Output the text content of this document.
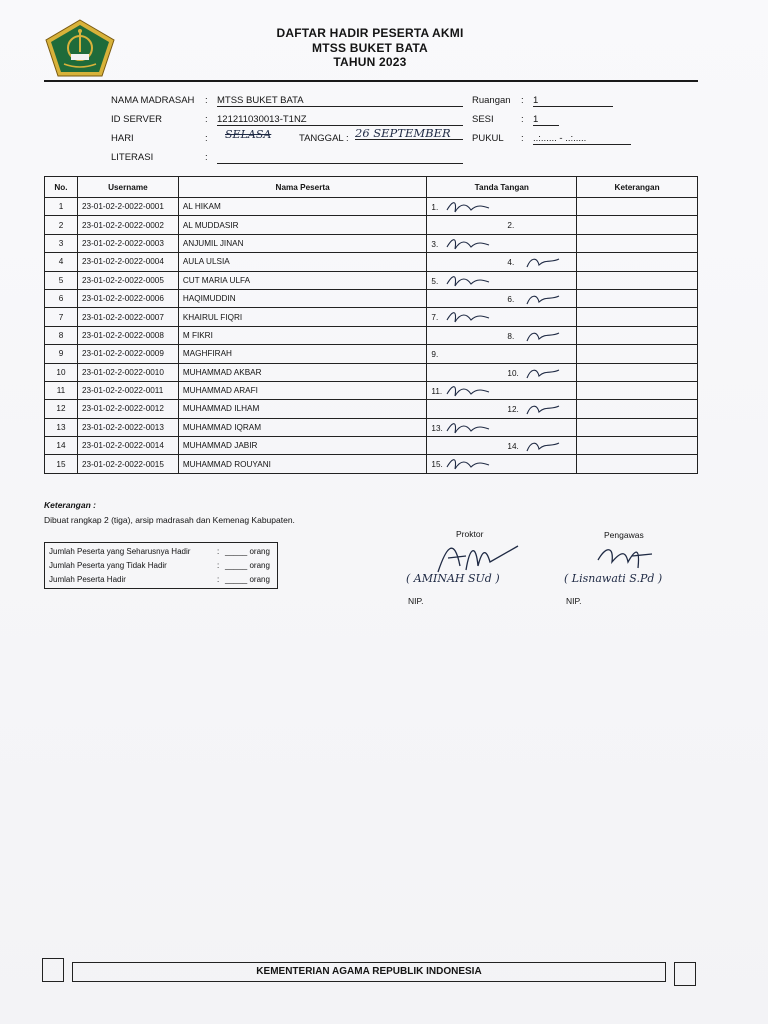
DAFTAR HADIR PESERTA AKMI
MTSS BUKET BATA
TAHUN 2023
NAMA MADRASAH : MTSS BUKET BATA
ID SERVER	: 121211030013-T1NZ
HARI	: SELASA	TANGGAL : 26 SEPTEMBER
LITERASI	:
Ruangan : 1
SESI	: 1
PUKUL : ..:...... - ..:.....
No.	Username	Nama Peserta	Tanda Tangan	Keterangan
1	23-01-02-2-0022-0001	AL HIKAM	1.	

2	23-01-02-2-0022-0002	AL MUDDASIR	2.	

3	23-01-02-2-0022-0003	ANJUMIL JINAN	3.	

4	23-01-02-2-0022-0004	AULA ULSIA	4.	

5	23-01-02-2-0022-0005	CUT MARIA ULFA	5.	

6	23-01-02-2-0022-0006	HAQIMUDDIN	6.	

7	23-01-02-2-0022-0007	KHAIRUL FIQRI	7.	

8	23-01-02-2-0022-0008	M FIKRI	8.	

9	23-01-02-2-0022-0009	MAGHFIRAH	9.	

10	23-01-02-2-0022-0010	MUHAMMAD AKBAR	10.	

11	23-01-02-2-0022-0011	MUHAMMAD ARAFI	11.	

12	23-01-02-2-0022-0012	MUHAMMAD ILHAM	12.	

13	23-01-02-2-0022-0013	MUHAMMAD IQRAM	13.	

14	23-01-02-2-0022-0014	MUHAMMAD JABIR	14.	

15	23-01-02-2-0022-0015	MUHAMMAD ROUYANI	15.	

Keterangan :
Dibuat rangkap 2 (tiga), arsip madrasah dan Kemenag Kabupaten.
Jumlah Peserta yang Seharusnya Hadir	: _____ orang
Jumlah Peserta yang Tidak Hadir	: _____ orang
Jumlah Peserta Hadir	: _____ orang
Proktor
( AMINAH SUd )
NIP.
Pengawas
( Lisnawati S.Pd )
NIP.
KEMENTERIAN AGAMA REPUBLIK INDONESIA
